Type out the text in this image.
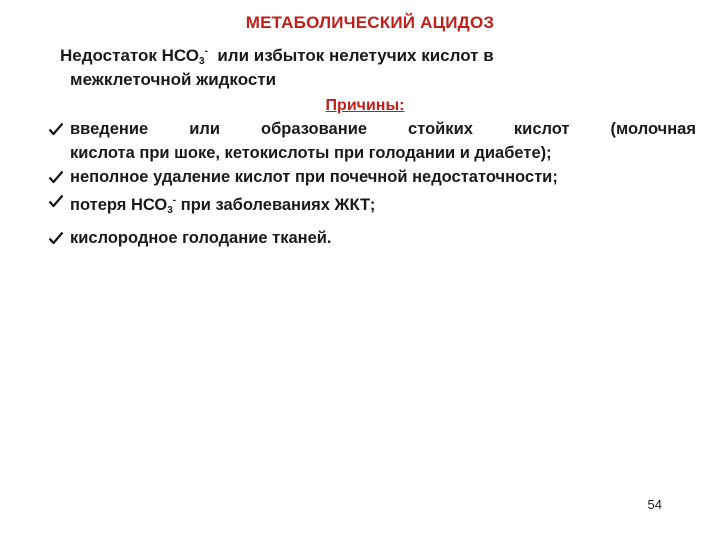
МЕТАБОЛИЧЕСКИЙ АЦИДОЗ
Недостаток $НСО_3^-$  или избыток нелетучих кислот в
межклеточной жидкости
Причины:
введение или образование стойких кислот (молочная
кислота при шоке, кетокислоты при голодании и диабете);
неполное удаление кислот при почечной недостаточности;
потеря $НСО_3^-$ при заболеваниях ЖКТ;
кислородное голодание тканей.
54
